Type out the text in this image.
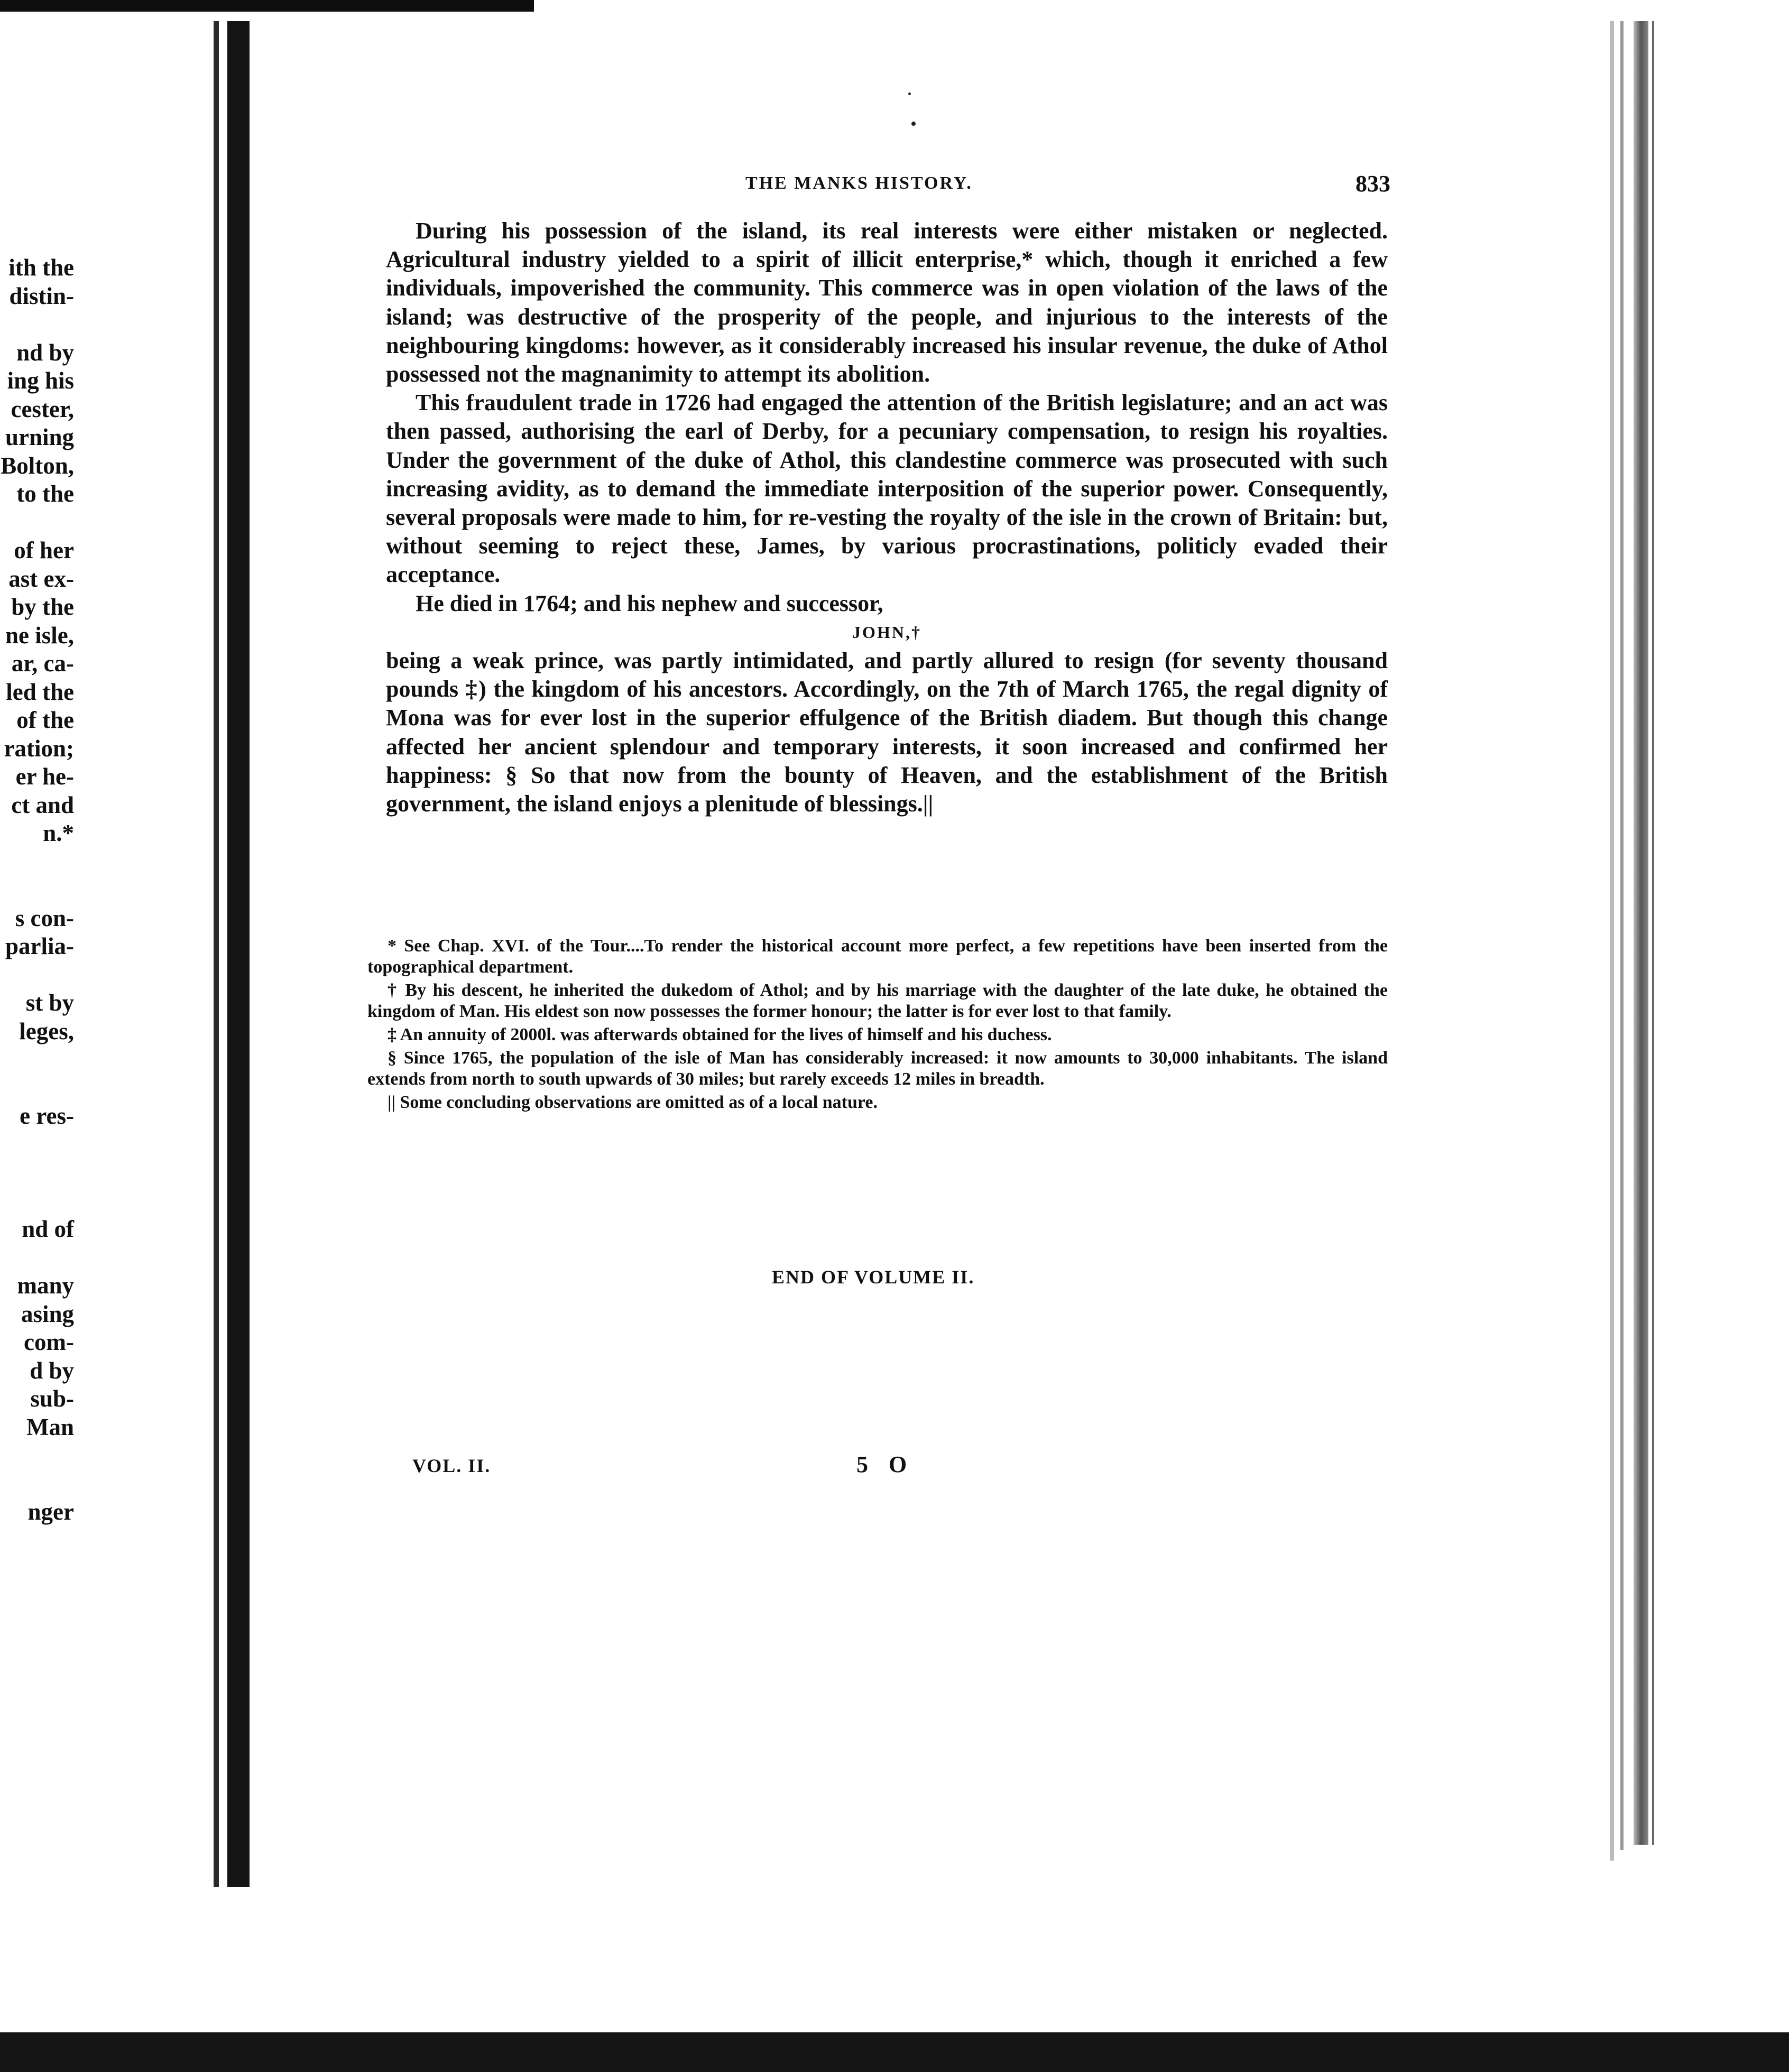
ith the
distin-
nd by
ing his
cester,
urning
Bolton,
to the
of her
ast ex-
by the
ne isle,
ar, ca-
led the
of the
ration;
er he-
ct and
n.*
s con-
parlia-
st by
leges,
e res-
nd of
many
asing
com-
d by
sub-
Man
nger
THE MANKS HISTORY.	833

During his possession of the island, its real interests were either mistaken or neglected. Agricultural industry yielded to a spirit of illicit enterprise,* which, though it enriched a few individuals, impoverished the community. This commerce was in open violation of the laws of the island; was destructive of the prosperity of the people, and injurious to the interests of the neighbouring kingdoms: however, as it considerably increased his insular revenue, the duke of Athol possessed not the magnanimity to attempt its abolition.

This fraudulent trade in 1726 had engaged the attention of the British legislature; and an act was then passed, authorising the earl of Derby, for a pecuniary compensation, to resign his royalties. Under the government of the duke of Athol, this clandestine commerce was prosecuted with such increasing avidity, as to demand the immediate interposition of the superior power. Consequently, several proposals were made to him, for re-vesting the royalty of the isle in the crown of Britain: but, without seeming to reject these, James, by various procrastinations, politicly evaded their acceptance.

He died in 1764; and his nephew and successor,

JOHN,†

being a weak prince, was partly intimidated, and partly allured to resign (for seventy thousand pounds ‡) the kingdom of his ancestors. Accordingly, on the 7th of March 1765, the regal dignity of Mona was for ever lost in the superior effulgence of the British diadem. But though this change affected her ancient splendour and temporary interests, it soon increased and confirmed her happiness: § So that now from the bounty of Heaven, and the establishment of the British government, the island enjoys a plenitude of blessings.||

* See Chap. XVI. of the Tour....To render the historical account more perfect, a few repetitions have been inserted from the topographical department.

† By his descent, he inherited the dukedom of Athol; and by his marriage with the daughter of the late duke, he obtained the kingdom of Man. His eldest son now possesses the former honour; the latter is for ever lost to that family.

‡ An annuity of 2000l. was afterwards obtained for the lives of himself and his duchess.

§ Since 1765, the population of the isle of Man has considerably increased: it now amounts to 30,000 inhabitants. The island extends from north to south upwards of 30 miles; but rarely exceeds 12 miles in breadth.

|| Some concluding observations are omitted as of a local nature.

END OF VOLUME II.
VOL. II.	5 O
